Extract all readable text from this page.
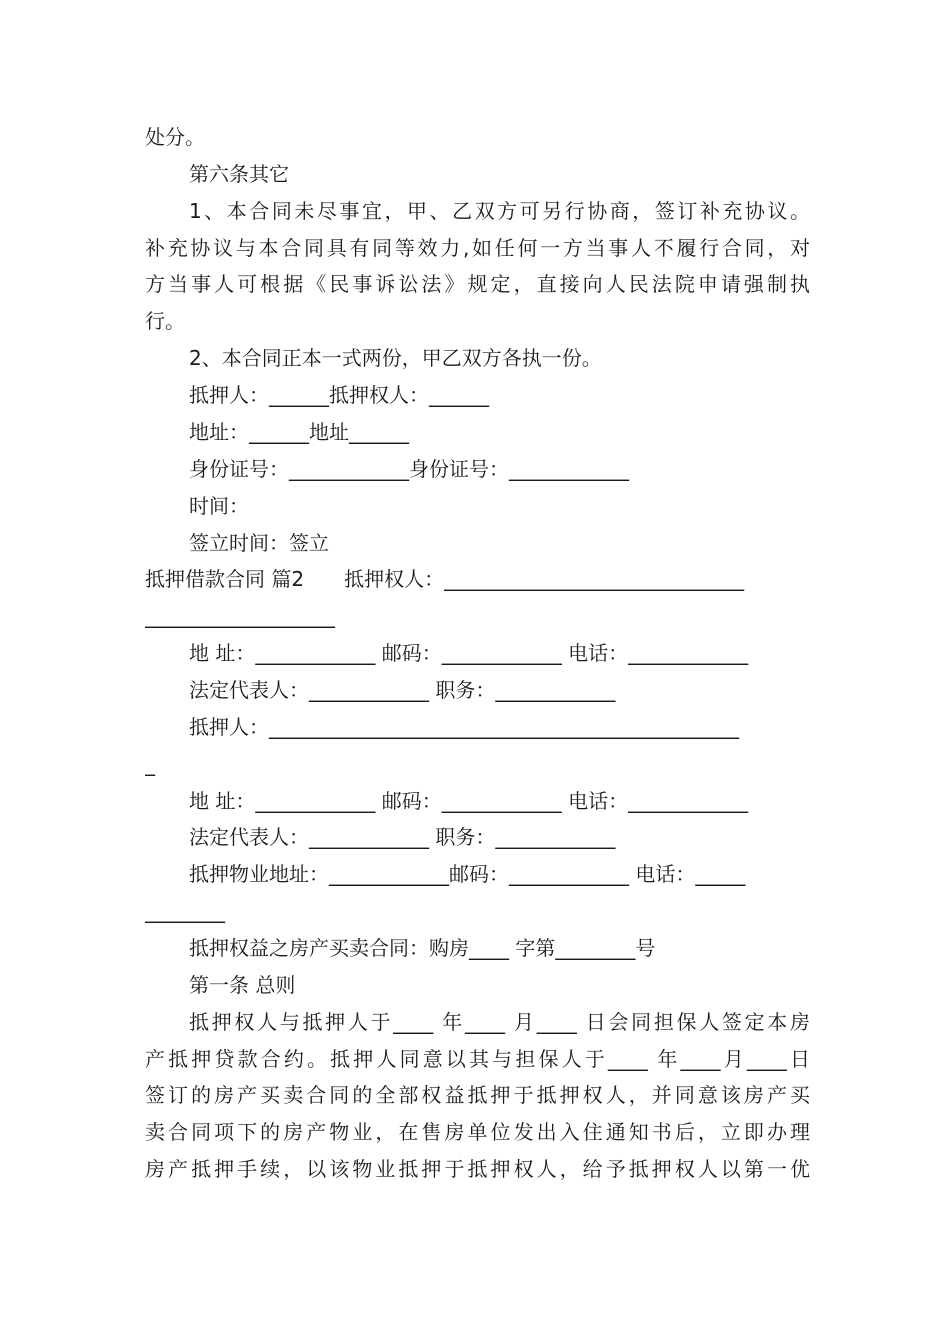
处分。
第六条其它
1、本合同未尽事宜，甲、乙双方可另行协商，签订补充协议。
补充协议与本合同具有同等效力,如任何一方当事人不履行合同，对
方当事人可根据《民事诉讼法》规定，直接向人民法院申请强制执
行。
2、本合同正本一式两份，甲乙双方各执一份。
抵押人：______抵押权人：______
地址：______地址______
身份证号：____________身份证号：____________
时间：
签立时间：签立
抵押借款合同 篇2　　抵押权人：______________________________
___________________
地 址：____________ 邮码：____________ 电话：____________
法定代表人：____________ 职务：____________
抵押人：_______________________________________________
_
地 址：____________ 邮码：____________ 电话：____________
法定代表人：____________ 职务：____________
抵押物业地址：____________邮码：____________ 电话：_____
________
抵押权益之房产买卖合同：购房____ 字第________号
第一条 总则
抵押权人与抵押人于____ 年____ 月____ 日会同担保人签定本房
产抵押贷款合约。抵押人同意以其与担保人于____ 年____月____日
签订的房产买卖合同的全部权益抵押于抵押权人，并同意该房产买
卖合同项下的房产物业，在售房单位发出入住通知书后，立即办理
房产抵押手续，以该物业抵押于抵押权人，给予抵押权人以第一优
